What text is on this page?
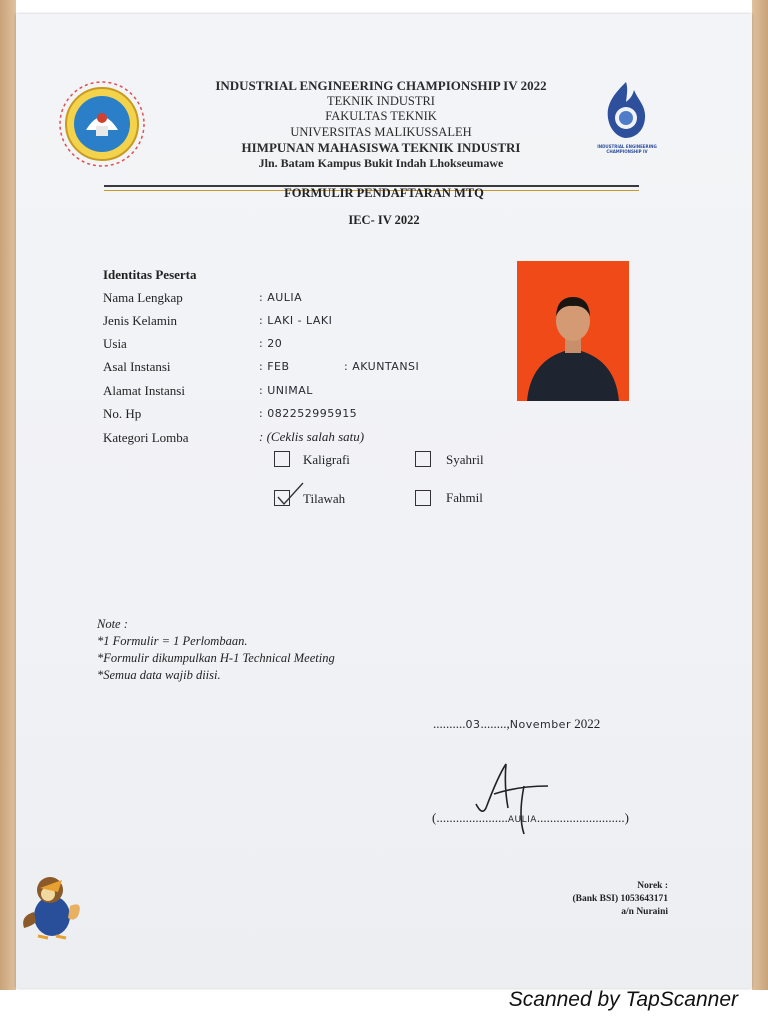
INDUSTRIAL ENGINEERING CHAMPIONSHIP IV 2022
TEKNIK INDUSTRI
FAKULTAS TEKNIK
UNIVERSITAS MALIKUSSALEH
HIMPUNAN MAHASISWA TEKNIK INDUSTRI
Jln. Batam Kampus Bukit Indah Lhokseumawe
INDUSTRIAL ENGINEERING CHAMPIONSHIP IV
FORMULIR PENDAFTARAN MTQ
IEC- IV 2022
Identitas Peserta
Nama Lengkap	: AULIA
Jenis Kelamin	: LAKI - LAKI
Usia	: 20
Asal Instansi	: FEB	: AKUNTANSI
Alamat Instansi	: UNIMAL
No. Hp	: 082252995915
Kategori Lomba	: (Ceklis salah satu)
Kaligrafi	Syahril
Tilawah	Fahmil
Note :
*1 Formulir = 1 Perlombaan.
*Formulir dikumpulkan H-1 Technical Meeting
*Semua data wajib diisi.
..........03........,November 2022
(......................AULIA...........................)
Norek :
(Bank BSI) 1053643171
a/n Nuraini
Scanned by TapScanner
